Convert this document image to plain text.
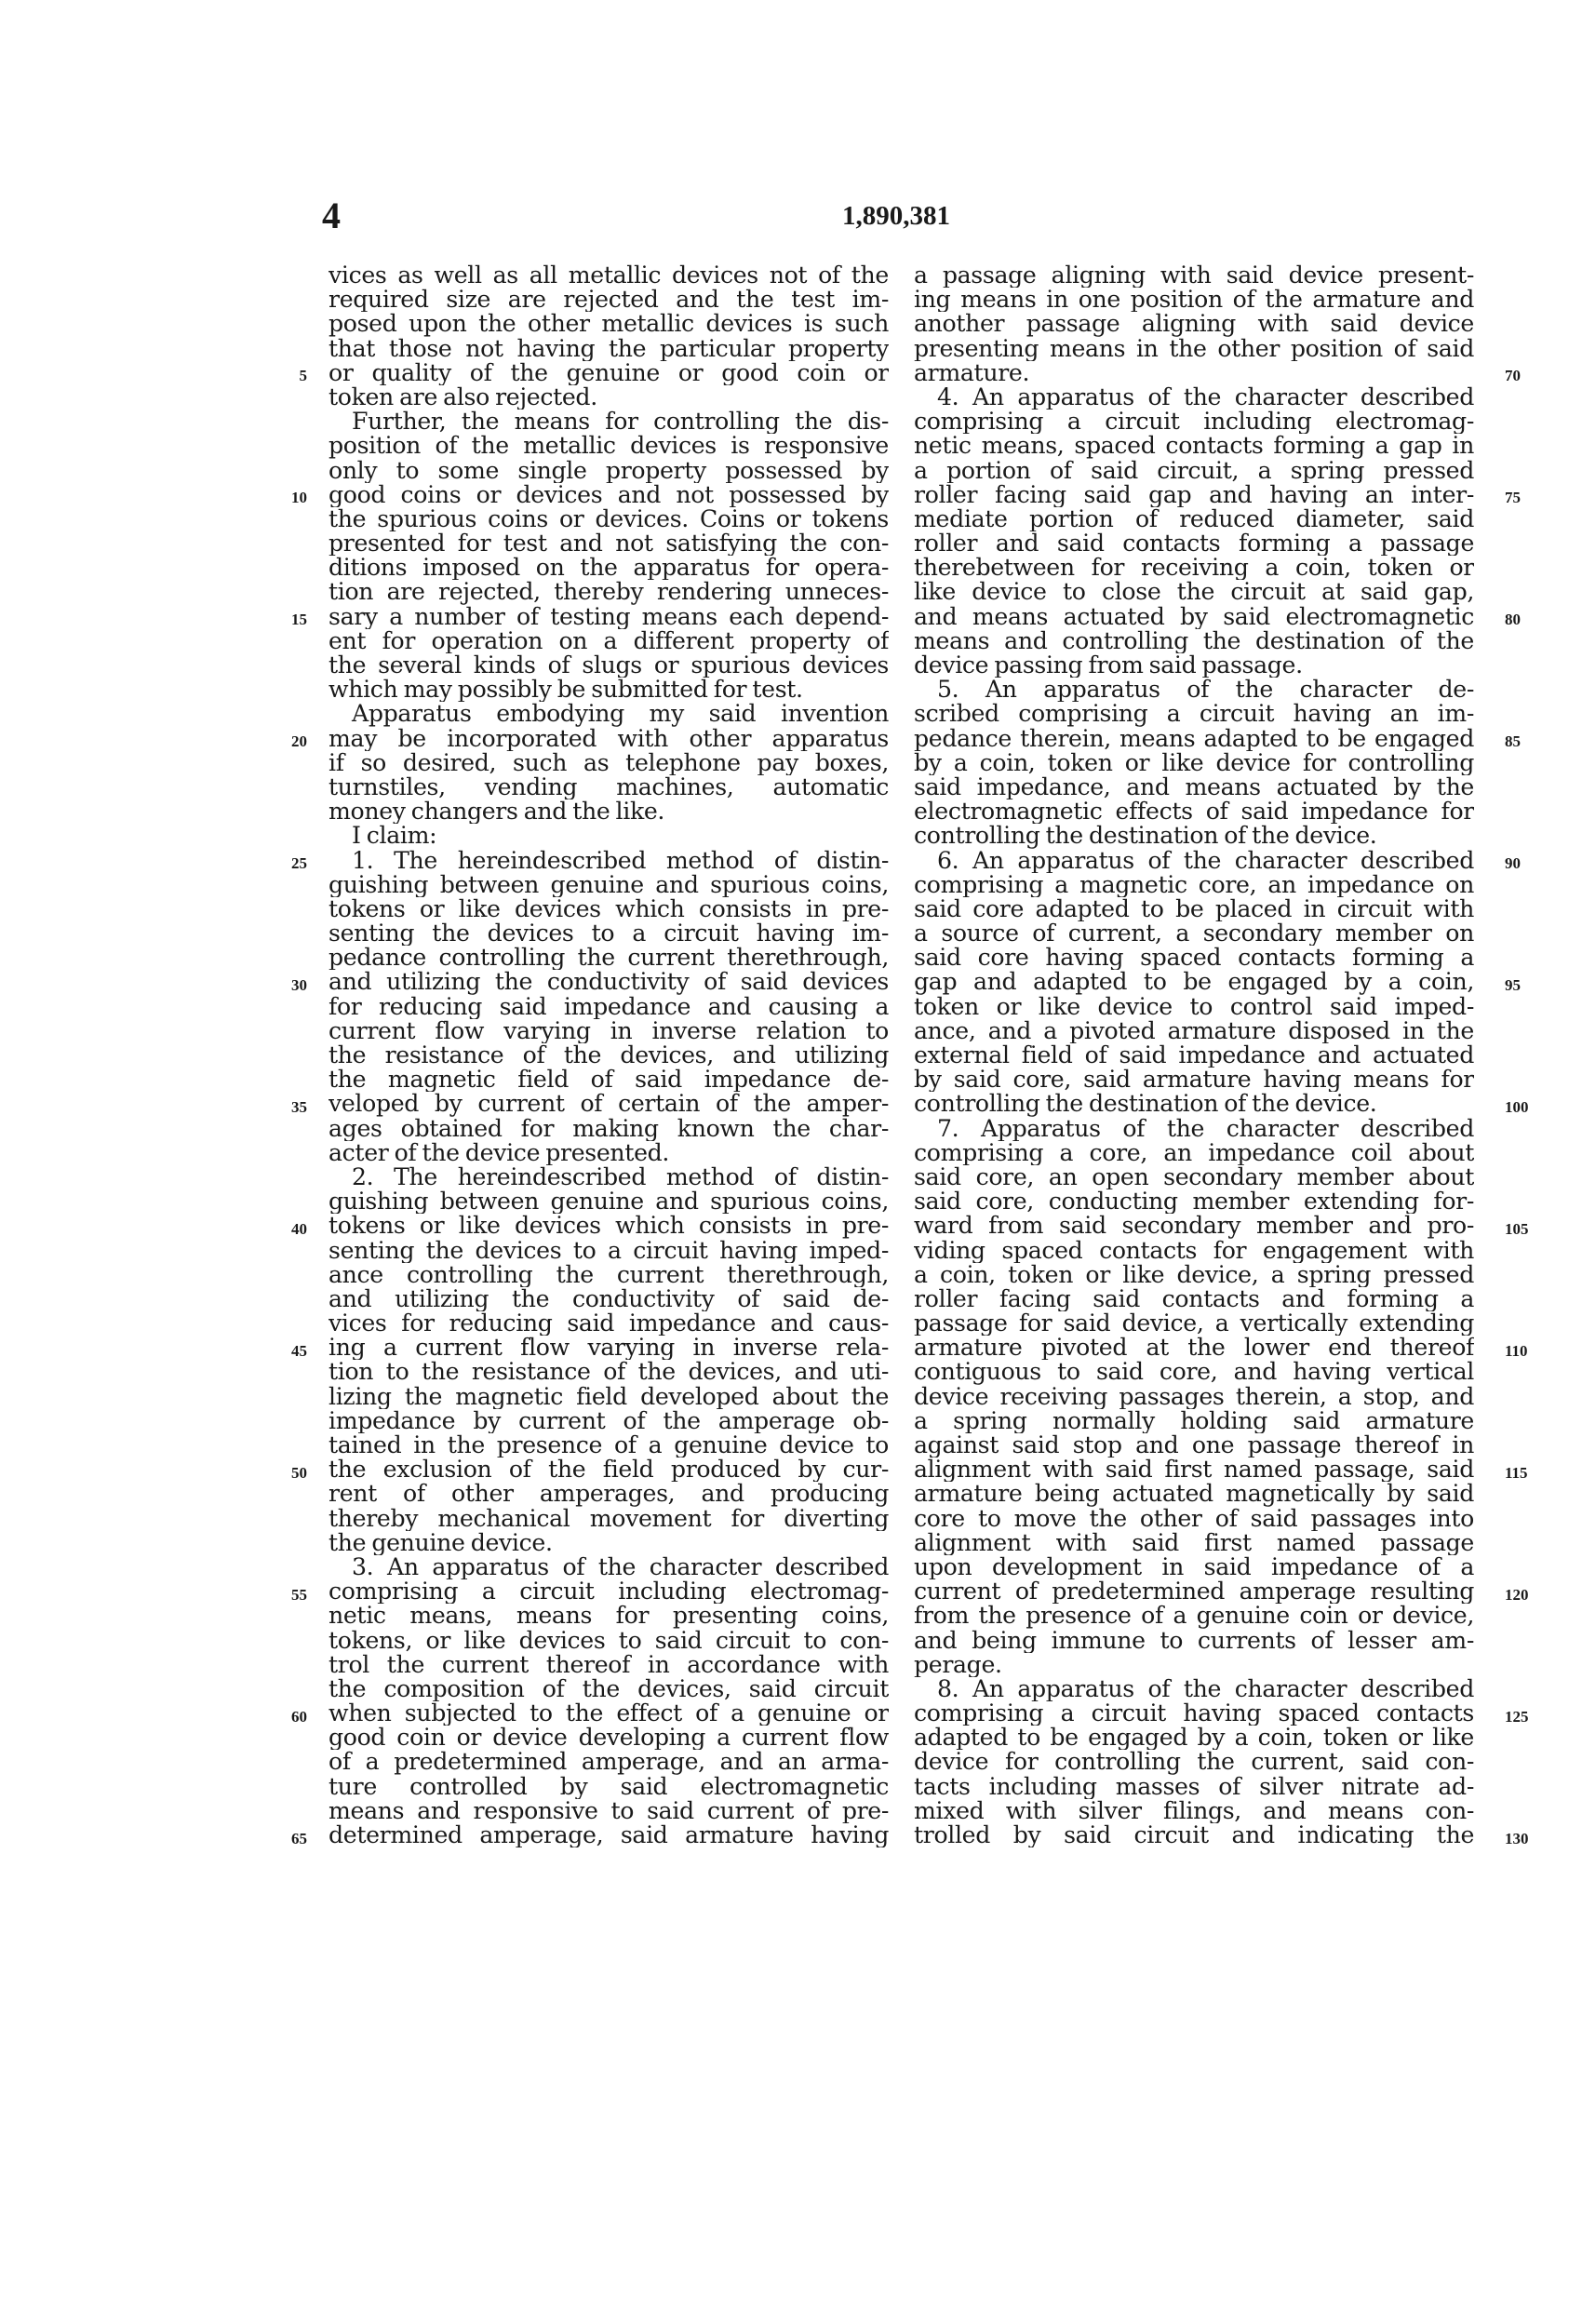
4	1,890,381
vices as well as all metallic devices not of the
required size are rejected and the test im-
posed upon the other metallic devices is such
that those not having the particular property
or quality of the genuine or good coin or
token are also rejected.
Further, the means for controlling the dis-
position of the metallic devices is responsive
only to some single property possessed by
good coins or devices and not possessed by
the spurious coins or devices. Coins or tokens
presented for test and not satisfying the con-
ditions imposed on the apparatus for opera-
tion are rejected, thereby rendering unneces-
sary a number of testing means each depend-
ent for operation on a different property of
the several kinds of slugs or spurious devices
which may possibly be submitted for test.
Apparatus embodying my said invention
may be incorporated with other apparatus
if so desired, such as telephone pay boxes,
turnstiles, vending machines, automatic
money changers and the like.
I claim:
1. The hereindescribed method of distin-
guishing between genuine and spurious coins,
tokens or like devices which consists in pre-
senting the devices to a circuit having im-
pedance controlling the current therethrough,
and utilizing the conductivity of said devices
for reducing said impedance and causing a
current flow varying in inverse relation to
the resistance of the devices, and utilizing
the magnetic field of said impedance de-
veloped by current of certain of the amper-
ages obtained for making known the char-
acter of the device presented.
2. The hereindescribed method of distin-
guishing between genuine and spurious coins,
tokens or like devices which consists in pre-
senting the devices to a circuit having imped-
ance controlling the current therethrough,
and utilizing the conductivity of said de-
vices for reducing said impedance and caus-
ing a current flow varying in inverse rela-
tion to the resistance of the devices, and uti-
lizing the magnetic field developed about the
impedance by current of the amperage ob-
tained in the presence of a genuine device to
the exclusion of the field produced by cur-
rent of other amperages, and producing
thereby mechanical movement for diverting
the genuine device.
3. An apparatus of the character described
comprising a circuit including electromag-
netic means, means for presenting coins,
tokens, or like devices to said circuit to con-
trol the current thereof in accordance with
the composition of the devices, said circuit
when subjected to the effect of a genuine or
good coin or device developing a current flow
of a predetermined amperage, and an arma-
ture controlled by said electromagnetic
means and responsive to said current of pre-
determined amperage, said armature having
a passage aligning with said device present-
ing means in one position of the armature and
another passage aligning with said device
presenting means in the other position of said
armature.
4. An apparatus of the character described
comprising a circuit including electromag-
netic means, spaced contacts forming a gap in
a portion of said circuit, a spring pressed
roller facing said gap and having an inter-
mediate portion of reduced diameter, said
roller and said contacts forming a passage
therebetween for receiving a coin, token or
like device to close the circuit at said gap,
and means actuated by said electromagnetic
means and controlling the destination of the
device passing from said passage.
5. An apparatus of the character de-
scribed comprising a circuit having an im-
pedance therein, means adapted to be engaged
by a coin, token or like device for controlling
said impedance, and means actuated by the
electromagnetic effects of said impedance for
controlling the destination of the device.
6. An apparatus of the character described
comprising a magnetic core, an impedance on
said core adapted to be placed in circuit with
a source of current, a secondary member on
said core having spaced contacts forming a
gap and adapted to be engaged by a coin,
token or like device to control said imped-
ance, and a pivoted armature disposed in the
external field of said impedance and actuated
by said core, said armature having means for
controlling the destination of the device.
7. Apparatus of the character described
comprising a core, an impedance coil about
said core, an open secondary member about
said core, conducting member extending for-
ward from said secondary member and pro-
viding spaced contacts for engagement with
a coin, token or like device, a spring pressed
roller facing said contacts and forming a
passage for said device, a vertically extending
armature pivoted at the lower end thereof
contiguous to said core, and having vertical
device receiving passages therein, a stop, and
a spring normally holding said armature
against said stop and one passage thereof in
alignment with said first named passage, said
armature being actuated magnetically by said
core to move the other of said passages into
alignment with said first named passage
upon development in said impedance of a
current of predetermined amperage resulting
from the presence of a genuine coin or device,
and being immune to currents of lesser am-
perage.
8. An apparatus of the character described
comprising a circuit having spaced contacts
adapted to be engaged by a coin, token or like
device for controlling the current, said con-
tacts including masses of silver nitrate ad-
mixed with silver filings, and means con-
trolled by said circuit and indicating the
5
10
15
20
25
30
35
40
45
50
55
60
65
70
75
80
85
90
95
100
105
110
115
120
125
130
